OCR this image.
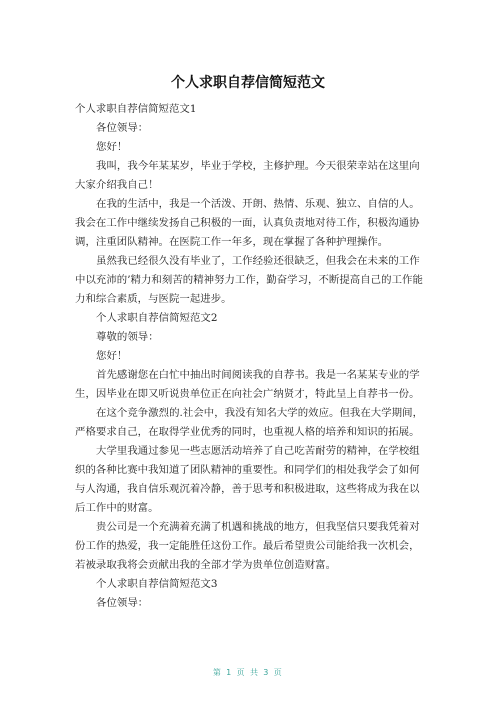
个人求职自荐信简短范文

个人求职自荐信简短范文1

各位领导：

您好！

我叫，我今年某某岁，毕业于学校，主修护理。今天很荣幸站在这里向大家介绍我自己！

在我的生活中，我是一个活泼、开朗、热情、乐观、独立、自信的人。我会在工作中继续发扬自己积极的一面，认真负责地对待工作，积极沟通协调，注重团队精神。在医院工作一年多，现在掌握了各种护理操作。

虽然我已经很久没有毕业了，工作经验还很缺乏，但我会在未来的工作中以充沛的’精力和刻苦的精神努力工作，勤奋学习，不断提高自己的工作能力和综合素质，与医院一起进步。

个人求职自荐信简短范文2

尊敬的领导：

您好！

首先感谢您在白忙中抽出时间阅读我的自荐书。我是一名某某专业的学生，因毕业在即又听说贵单位正在向社会广纳贤才，特此呈上自荐书一份。

在这个竞争激烈的.社会中，我没有知名大学的效应。但我在大学期间，严格要求自己，在取得学业优秀的同时，也重视人格的培养和知识的拓展。

大学里我通过参见一些志愿活动培养了自己吃苦耐劳的精神，在学校组织的各种比赛中我知道了团队精神的重要性。和同学们的相处我学会了如何与人沟通，我自信乐观沉着冷静，善于思考和积极进取，这些将成为我在以后工作中的财富。

贵公司是一个充满着充满了机遇和挑战的地方，但我坚信只要我凭着对份工作的热爱，我一定能胜任这份工作。最后希望贵公司能给我一次机会，若被录取我将会贡献出我的全部才学为贵单位创造财富。

个人求职自荐信简短范文3

各位领导：

第 1 页 共 3 页
